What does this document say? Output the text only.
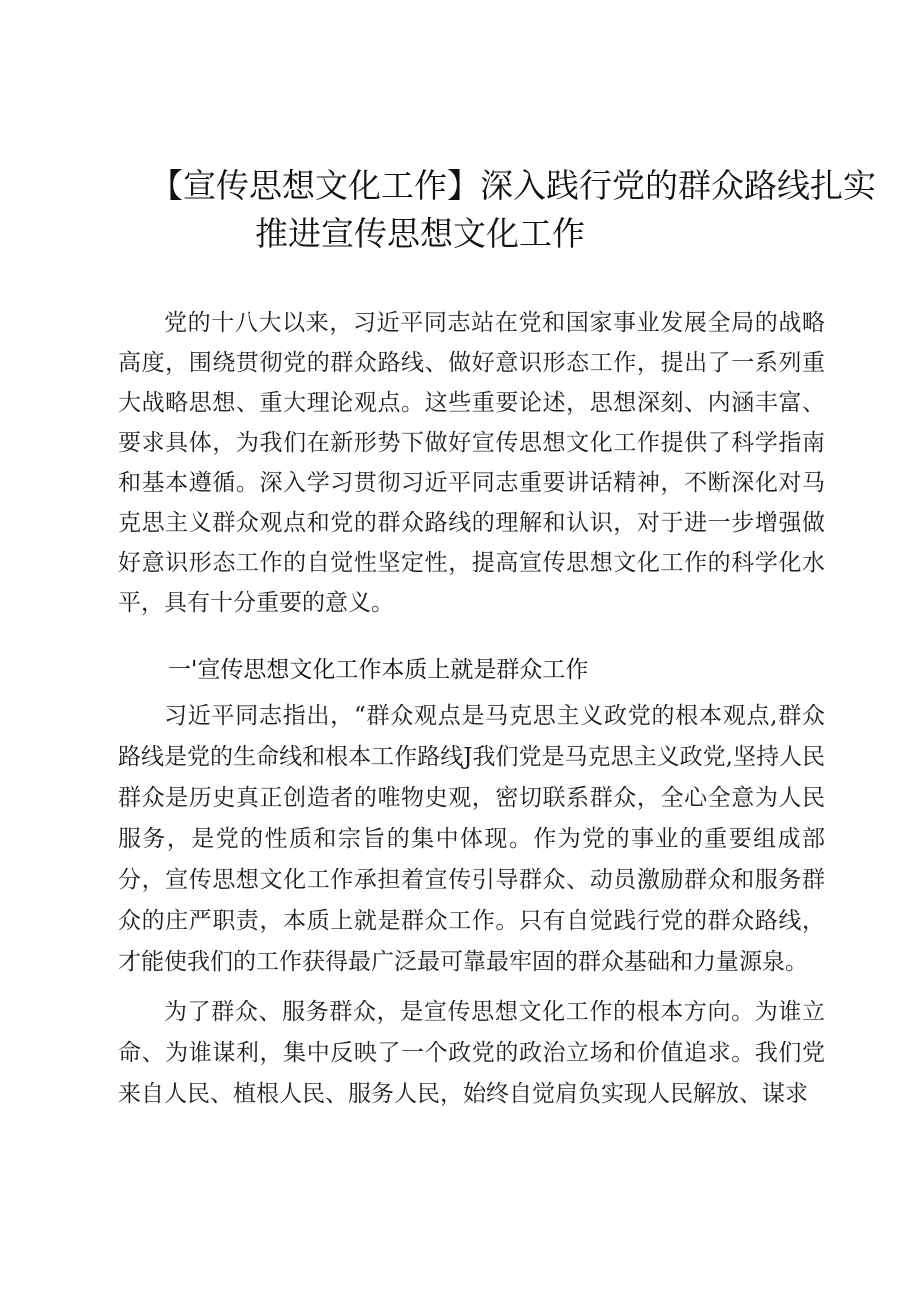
【宣传思想文化工作】深入践行党的群众路线扎实
推进宣传思想文化工作
党的十八大以来，习近平同志站在党和国家事业发展全局的战略高度，围绕贯彻党的群众路线、做好意识形态工作，提出了一系列重大战略思想、重大理论观点。这些重要论述，思想深刻、内涵丰富、要求具体，为我们在新形势下做好宣传思想文化工作提供了科学指南和基本遵循。深入学习贯彻习近平同志重要讲话精神，不断深化对马克思主义群众观点和党的群众路线的理解和认识，对于进一步增强做好意识形态工作的自觉性坚定性，提高宣传思想文化工作的科学化水平，具有十分重要的意义。
一'宣传思想文化工作本质上就是群众工作
习近平同志指出，“群众观点是马克思主义政党的根本观点,群众路线是党的生命线和根本工作路线J我们党是马克思主义政党,坚持人民群众是历史真正创造者的唯物史观，密切联系群众，全心全意为人民服务，是党的性质和宗旨的集中体现。作为党的事业的重要组成部分，宣传思想文化工作承担着宣传引导群众、动员激励群众和服务群众的庄严职责，本质上就是群众工作。只有自觉践行党的群众路线，才能使我们的工作获得最广泛最可靠最牢固的群众基础和力量源泉。
为了群众、服务群众，是宣传思想文化工作的根本方向。为谁立命、为谁谋利，集中反映了一个政党的政治立场和价值追求。我们党来自人民、植根人民、服务人民，始终自觉肩负实现人民解放、谋求
